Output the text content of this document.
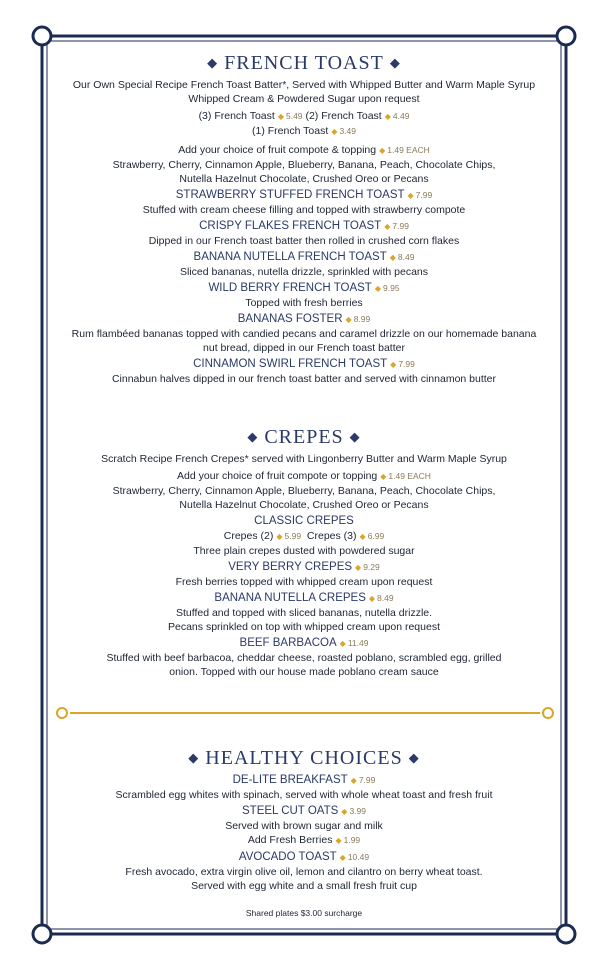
◆ FRENCH TOAST ◆
Our Own Special Recipe French Toast Batter*, Served with Whipped Butter and Warm Maple Syrup
Whipped Cream & Powdered Sugar upon request
(3) French Toast ◆ 5.49 (2) French Toast ◆ 4.49
(1) French Toast ◆ 3.49
Add your choice of fruit compote & topping ◆ 1.49 EACH
Strawberry, Cherry, Cinnamon Apple, Blueberry, Banana, Peach, Chocolate Chips,
Nutella Hazelnut Chocolate, Crushed Oreo or Pecans
STRAWBERRY STUFFED FRENCH TOAST ◆ 7.99
Stuffed with cream cheese filling and topped with strawberry compote
CRISPY FLAKES FRENCH TOAST ◆ 7.99
Dipped in our French toast batter then rolled in crushed corn flakes
BANANA NUTELLA FRENCH TOAST ◆ 8.49
Sliced bananas, nutella drizzle, sprinkled with pecans
WILD BERRY FRENCH TOAST ◆ 9.95
Topped with fresh berries
BANANAS FOSTER ◆ 8.99
Rum flambéed bananas topped with candied pecans and caramel drizzle on our homemade banana
nut bread, dipped in our French toast batter
CINNAMON SWIRL FRENCH TOAST ◆ 7.99
Cinnabun halves dipped in our french toast batter and served with cinnamon butter
◆ CREPES ◆
Scratch Recipe French Crepes* served with Lingonberry Butter and Warm Maple Syrup
Add your choice of fruit compote or topping ◆ 1.49 EACH
Strawberry, Cherry, Cinnamon Apple, Blueberry, Banana, Peach, Chocolate Chips,
Nutella Hazelnut Chocolate, Crushed Oreo or Pecans
CLASSIC CREPES
Crepes (2) ◆ 5.99 Crepes (3) ◆ 6.99
Three plain crepes dusted with powdered sugar
VERY BERRY CREPES ◆ 9.29
Fresh berries topped with whipped cream upon request
BANANA NUTELLA CREPES ◆ 8.49
Stuffed and topped with sliced bananas, nutella drizzle.
Pecans sprinkled on top with whipped cream upon request
BEEF BARBACOA ◆ 11.49
Stuffed with beef barbacoa, cheddar cheese, roasted poblano, scrambled egg, grilled
onion. Topped with our house made poblano cream sauce
◆ HEALTHY CHOICES ◆
DE-LITE BREAKFAST ◆ 7.99
Scrambled egg whites with spinach, served with whole wheat toast and fresh fruit
STEEL CUT OATS ◆ 3.99
Served with brown sugar and milk
Add Fresh Berries ◆ 1.99
AVOCADO TOAST ◆ 10.49
Fresh avocado, extra virgin olive oil, lemon and cilantro on berry wheat toast.
Served with egg white and a small fresh fruit cup
Shared plates $3.00 surcharge
